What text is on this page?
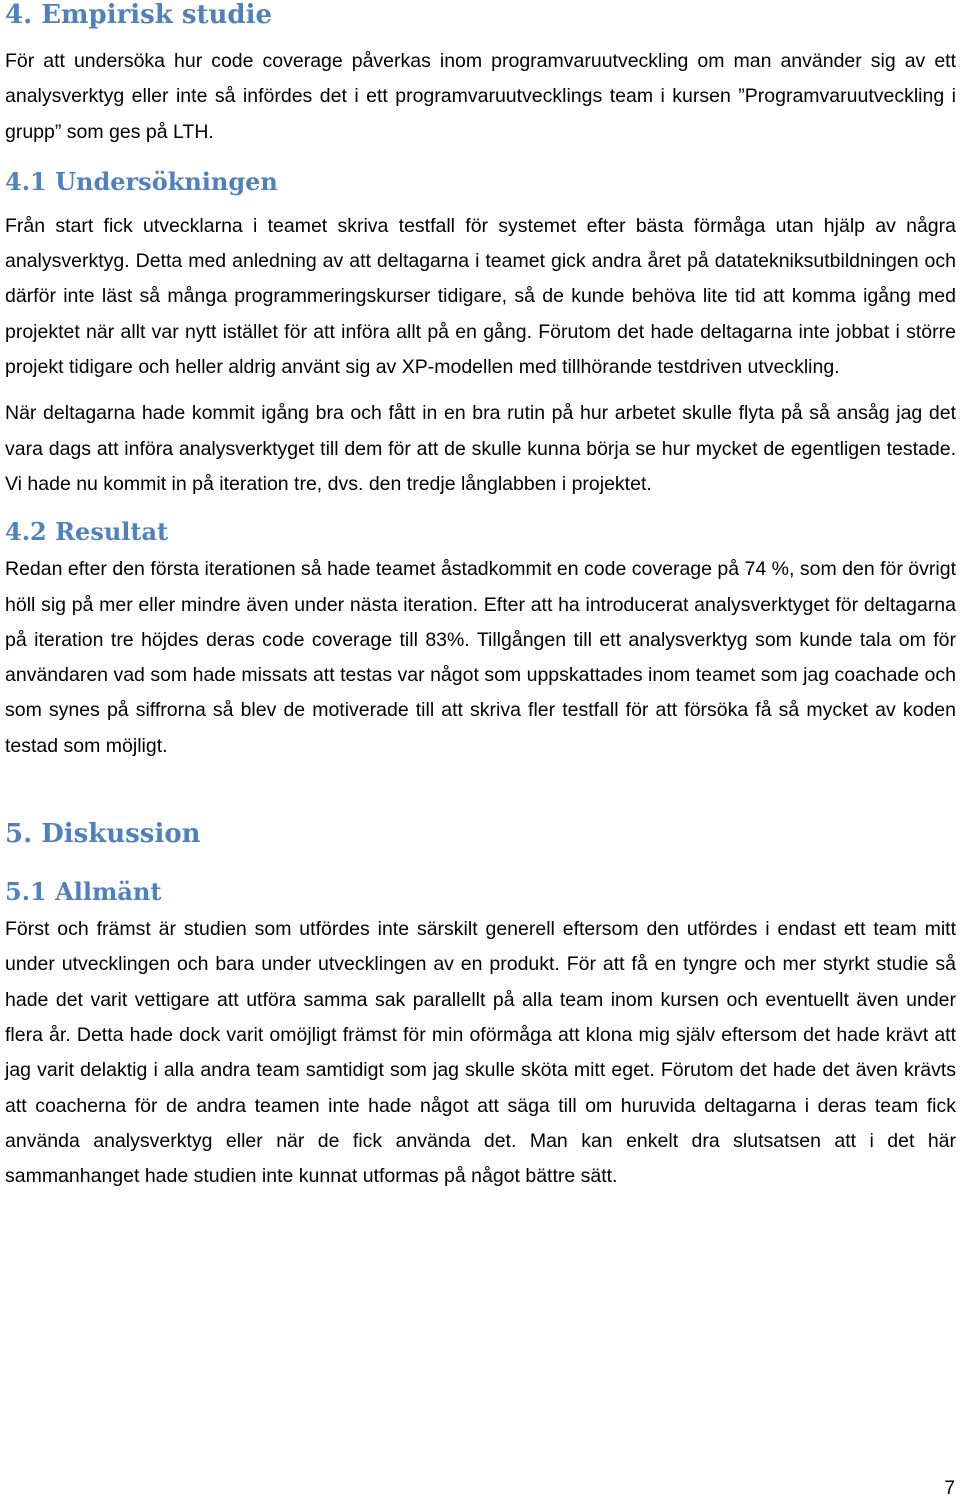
4. Empirisk studie

För att undersöka hur code coverage påverkas inom programvaruutveckling om man använder sig av ett analysverktyg eller inte så infördes det i ett programvaruutvecklings team i kursen ”Programvaruutveckling i grupp” som ges på LTH.

4.1 Undersökningen

Från start fick utvecklarna i teamet skriva testfall för systemet efter bästa förmåga utan hjälp av några analysverktyg. Detta med anledning av att deltagarna i teamet gick andra året på datatekniksutbildningen och därför inte läst så många programmeringskurser tidigare, så de kunde behöva lite tid att komma igång med projektet när allt var nytt istället för att införa allt på en gång. Förutom det hade deltagarna inte jobbat i större projekt tidigare och heller aldrig använt sig av XP-modellen med tillhörande testdriven utveckling.

När deltagarna hade kommit igång bra och fått in en bra rutin på hur arbetet skulle flyta på så ansåg jag det vara dags att införa analysverktyget till dem för att de skulle kunna börja se hur mycket de egentligen testade. Vi hade nu kommit in på iteration tre, dvs. den tredje långlabben i projektet.

4.2 Resultat

Redan efter den första iterationen så hade teamet åstadkommit en code coverage på 74 %, som den för övrigt höll sig på mer eller mindre även under nästa iteration. Efter att ha introducerat analysverktyget för deltagarna på iteration tre höjdes deras code coverage till 83%. Tillgången till ett analysverktyg som kunde tala om för användaren vad som hade missats att testas var något som uppskattades inom teamet som jag coachade och som synes på siffrorna så blev de motiverade till att skriva fler testfall för att försöka få så mycket av koden testad som möjligt.

5. Diskussion
5.1 Allmänt

Först och främst är studien som utfördes inte särskilt generell eftersom den utfördes i endast ett team mitt under utvecklingen och bara under utvecklingen av en produkt. För att få en tyngre och mer styrkt studie så hade det varit vettigare att utföra samma sak parallellt på alla team inom kursen och eventuellt även under flera år. Detta hade dock varit omöjligt främst för min oförmåga att klona mig själv eftersom det hade krävt att jag varit delaktig i alla andra team samtidigt som jag skulle sköta mitt eget. Förutom det hade det även krävts att coacherna för de andra teamen inte hade något att säga till om huruvida deltagarna i deras team fick använda analysverktyg eller när de fick använda det. Man kan enkelt dra slutsatsen att i det här sammanhanget hade studien inte kunnat utformas på något bättre sätt.

7
